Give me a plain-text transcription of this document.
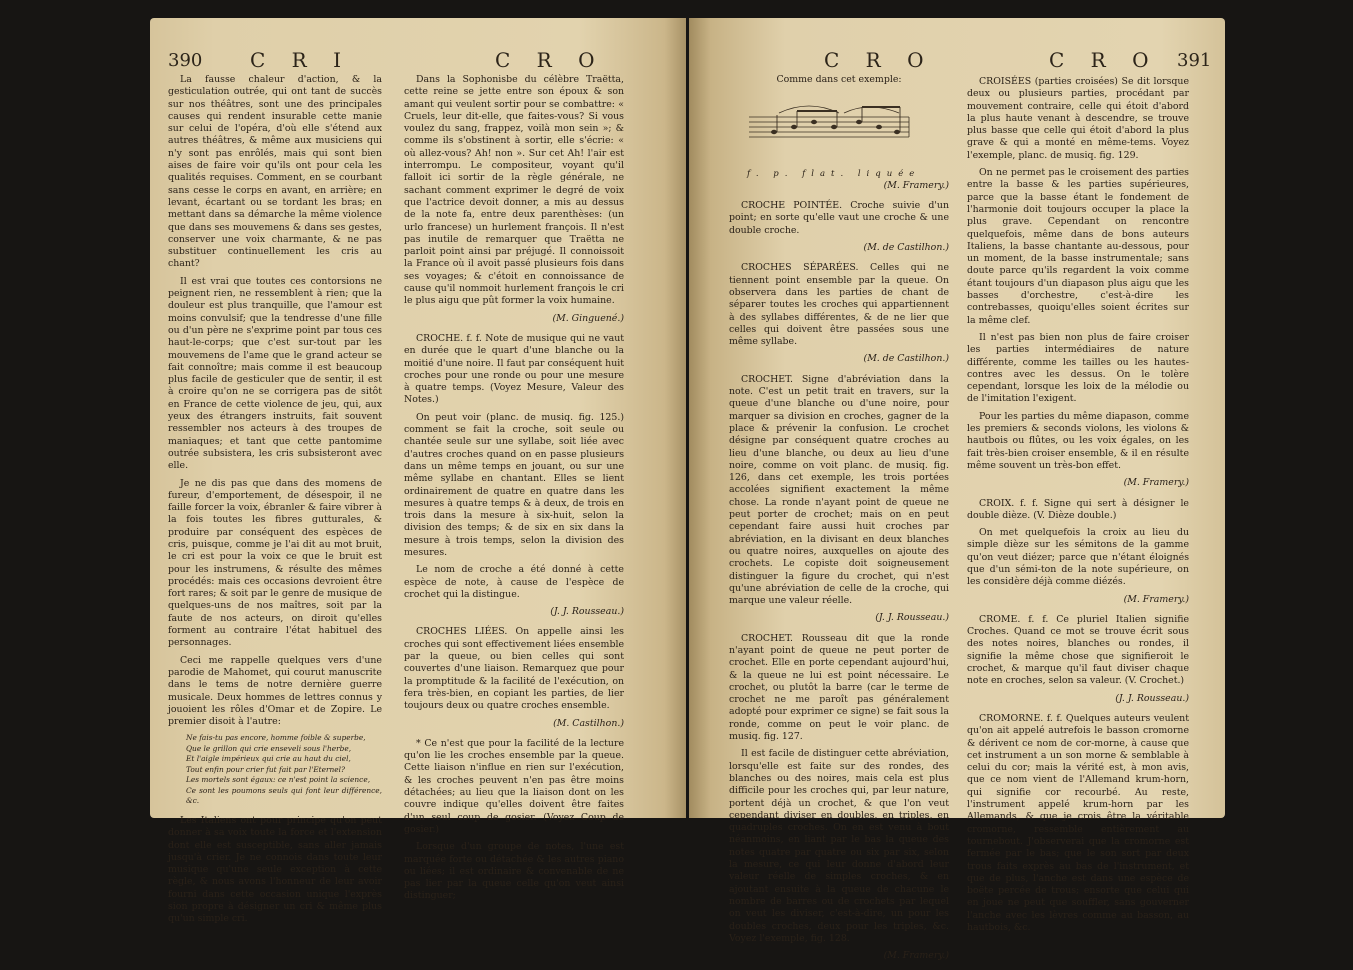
390 C R I	C R O

La fausse chaleur d'action, & la gesticulation outrée, qui ont tant de succès sur nos théâtres, sont une des principales causes qui rendent insurable cette manie sur celui de l'opéra, d'où elle s'étend aux autres théâtres, & même aux musiciens qui n'y sont pas enrôlés, mais qui sont bien aises de faire voir qu'ils ont pour cela les qualités requises. Comment, en se courbant sans cesse le corps en avant, en arrière; en levant, écartant ou se tordant les bras; en mettant dans sa démarche la même violence que dans ses mouvemens & dans ses gestes, conserver une voix charmante, & ne pas substituer continuellement les cris au chant?

Il est vrai que toutes ces contorsions ne peignent rien, ne ressemblent à rien; que la douleur est plus tranquille, que l'amour est moins convulsif; que la tendresse d'une fille ou d'un père ne s'exprime point par tous ces haut-le-corps; que c'est sur-tout par les mouvemens de l'ame que le grand acteur se fait connoître; mais comme il est beaucoup plus facile de gesticuler que de sentir, il est à croire qu'on ne se corrigera pas de sitôt en France de cette violence de jeu, qui, aux yeux des étrangers instruits, fait souvent ressembler nos acteurs à des troupes de maniaques; et tant que cette pantomime outrée subsistera, les cris subsisteront avec elle.

Je ne dis pas que dans des momens de fureur, d'emportement, de désespoir, il ne faille forcer la voix, ébranler & faire vibrer à la fois toutes les fibres gutturales, & produire par conséquent des espèces de cris, puisque, comme je l'ai dit au mot bruit, le cri est pour la voix ce que le bruit est pour les instrumens, & résulte des mêmes procédés: mais ces occasions devroient être fort rares; & soit par le genre de musique de quelques-uns de nos maîtres, soit par la faute de nos acteurs, on diroit qu'elles forment au contraire l'état habituel des personnages.

Ceci me rappelle quelques vers d'une parodie de Mahomet, qui courut manuscrite dans le tems de notre dernière guerre musicale. Deux hommes de lettres connus y jouoient les rôles d'Omar et de Zopire. Le premier disoit à l'autre:

Ne fais-tu pas encore, homme foible & superbe,
Que le grillon qui crie enseveli sous l'herbe,
Et l'aigle impérieux qui crie au haut du ciel,
Tout enfin pour crier fut fait par l'Eternel?
Les mortels sont égaux: ce n'est point la science,
Ce sont les poumons seuls qui font leur différence, &c.

Les Italiens ont pour principe qu'on peut donner à sa voix toute la force et l'extension dont elle est susceptible, sans aller jamais jusqu'à crier. Je ne connois dans toute leur musique qu'une seule exception à cette règle, & nous avons l'honneur de leur avoir fourni dans cette occasion unique l'exprès sion propre à désigner un cri & même plus qu'un simple cri.

Dans la Sophonisbe du célèbre Traëtta, cette reine se jette entre son époux & son amant qui veulent sortir pour se combattre: « Cruels, leur dit-elle, que faites-vous? Si vous voulez du sang, frappez, voilà mon sein »; & comme ils s'obstinent à sortir, elle s'écrie: « où allez-vous? Ah! non ». Sur cet Ah! l'air est interrompu. Le compositeur, voyant qu'il falloit ici sortir de la règle générale, ne sachant comment exprimer le degré de voix que l'actrice devoit donner, a mis au dessus de la note fa, entre deux parenthèses: (un urlo francese) un hurlement françois. Il n'est pas inutile de remarquer que Traëtta ne parloit point ainsi par préjugé. Il connoissoit la France où il avoit passé plusieurs fois dans ses voyages; & c'étoit en connoissance de cause qu'il nommoit hurlement françois le cri le plus aigu que pût former la voix humaine.

(M. Ginguené.)

CROCHE. f. f. Note de musique qui ne vaut en durée que le quart d'une blanche ou la moitié d'une noire. Il faut par conséquent huit croches pour une ronde ou pour une mesure à quatre temps. (Voyez Mesure, Valeur des Notes.)

On peut voir (planc. de musiq. fig. 125.) comment se fait la croche, soit seule ou chantée seule sur une syllabe, soit liée avec d'autres croches quand on en passe plusieurs dans un même temps en jouant, ou sur une même syllabe en chantant. Elles se lient ordinairement de quatre en quatre dans les mesures à quatre temps & à deux, de trois en trois dans la mesure à six-huit, selon la division des temps; & de six en six dans la mesure à trois temps, selon la division des mesures.

Le nom de croche a été donné à cette espèce de note, à cause de l'espèce de crochet qui la distingue.

(J. J. Rousseau.)

CROCHES LIÉES. On appelle ainsi les croches qui sont effectivement liées ensemble par la queue, ou bien celles qui sont couvertes d'une liaison. Remarquez que pour la promptitude & la facilité de l'exécution, on fera très-bien, en copiant les parties, de lier toujours deux ou quatre croches ensemble.

(M. Castilhon.)

* Ce n'est que pour la facilité de la lecture qu'on lie les croches ensemble par la queue. Cette liaison n'influe en rien sur l'exécution, & les croches peuvent n'en pas être moins détachées; au lieu que la liaison dont on les couvre indique qu'elles doivent être faites d'un seul coup de gosier. (Voyez Coup de gosier.)

Lorsque d'un groupe de notes, l'une est marquée forte ou détachée & les autres piano ou liées; il est ordinaire & convenable de ne pas lier par la queue celle qu'on veut ainsi distinguer;

C R O	C R O 391

Comme dans cet exemple:

f. p. flat. liquée

(M. Framery.)

CROCHE POINTÉE. Croche suivie d'un point; en sorte qu'elle vaut une croche & une double croche.

(M. de Castilhon.)

CROCHES SÉPARÉES. Celles qui ne tiennent point ensemble par la queue. On observera dans les parties de chant de séparer toutes les croches qui appartiennent à des syllabes différentes, & de ne lier que celles qui doivent être passées sous une même syllabe.

(M. de Castilhon.)

CROCHET. Signe d'abréviation dans la note. C'est un petit trait en travers, sur la queue d'une blanche ou d'une noire, pour marquer sa division en croches, gagner de la place & prévenir la confusion. Le crochet désigne par conséquent quatre croches au lieu d'une blanche, ou deux au lieu d'une noire, comme on voit planc. de musiq. fig. 126, dans cet exemple, les trois portées accolées signifient exactement la même chose. La ronde n'ayant point de queue ne peut porter de crochet; mais on en peut cependant faire aussi huit croches par abréviation, en la divisant en deux blanches ou quatre noires, auxquelles on ajoute des crochets. Le copiste doit soigneusement distinguer la figure du crochet, qui n'est qu'une abréviation de celle de la croche, qui marque une valeur réelle.

(J. J. Rousseau.)

CROCHET. Rousseau dit que la ronde n'ayant point de queue ne peut porter de crochet. Elle en porte cependant aujourd'hui, & la queue ne lui est point nécessaire. Le crochet, ou plutôt la barre (car le terme de crochet ne me paroît pas généralement adopté pour exprimer ce signe) se fait sous la ronde, comme on peut le voir planc. de musiq. fig. 127.

Il est facile de distinguer cette abréviation, lorsqu'elle est faite sur des rondes, des blanches ou des noires, mais cela est plus difficile pour les croches qui, par leur nature, portent déjà un crochet, & que l'on veut cependant diviser en doubles, en triples, en quadruples croches. On en est venu à bout néanmoins, en liant par le bas la queue des notes quatre par quatre ou six par six, selon la mesure, ce qui leur donne d'abord leur valeur réelle de simples croches, & en ajoutant ensuite à la queue de chacune le nombre de barres ou de crochets par lequel on veut les diviser, c'est-à-dire, un pour les doubles croches, deux pour les triples, &c. Voyez l'exemple, fig. 128.

(M. Framery.)

CROISÉES (parties croisées) Se dit lorsque deux ou plusieurs parties, procédant par mouvement contraire, celle qui étoit d'abord la plus haute venant à descendre, se trouve plus basse que celle qui étoit d'abord la plus grave & qui a monté en même-tems. Voyez l'exemple, planc. de musiq. fig. 129.

On ne permet pas le croisement des parties entre la basse & les parties supérieures, parce que la basse étant le fondement de l'harmonie doit toujours occuper la place la plus grave. Cependant on rencontre quelquefois, même dans de bons auteurs Italiens, la basse chantante au-dessous, pour un moment, de la basse instrumentale; sans doute parce qu'ils regardent la voix comme étant toujours d'un diapason plus aigu que les basses d'orchestre, c'est-à-dire les contrebasses, quoiqu'elles soient écrites sur la même clef.

Il n'est pas bien non plus de faire croiser les parties intermédiaires de nature différente, comme les tailles ou les hautes-contres avec les dessus. On le tolère cependant, lorsque les loix de la mélodie ou de l'imitation l'exigent.

Pour les parties du même diapason, comme les premiers & seconds violons, les violons & hautbois ou flûtes, ou les voix égales, on les fait très-bien croiser ensemble, & il en résulte même souvent un très-bon effet.

(M. Framery.)

CROIX. f. f. Signe qui sert à désigner le double dièze. (V. Dièze double.)

On met quelquefois la croix au lieu du simple dièze sur les sémitons de la gamme qu'on veut diézer; parce que n'étant éloignés que d'un sémi-ton de la note supérieure, on les considère déjà comme diézés.

(M. Framery.)

CROME. f. f. Ce pluriel Italien signifie Croches. Quand ce mot se trouve écrit sous des notes noires, blanches ou rondes, il signifie la même chose que signifieroit le crochet, & marque qu'il faut diviser chaque note en croches, selon sa valeur. (V. Crochet.)

(J. J. Rousseau.)

CROMORNE. f. f. Quelques auteurs veulent qu'on ait appelé autrefois le basson cromorne & dérivent ce nom de cor-morne, à cause que cet instrument a un son morne & semblable à celui du cor; mais la vérité est, à mon avis, que ce nom vient de l'Allemand krum-horn, qui signifie cor recourbé. Au reste, l'instrument appelé krum-horn par les Allemands, & que je crois être la véritable cromorne, ressemble entièrement au tournebout. J'observerai que la cromorne est fermée par le bas; que le son sort par deux trous faits exprès au bas de l'instrument, et que de plus, l'anche est dans une espèce de boëte percée de trous; ensorte que celui qui en joue ne peut que souffler, sans gouverner l'anche avec les lèvres comme au basson, au hautbois, &c.
